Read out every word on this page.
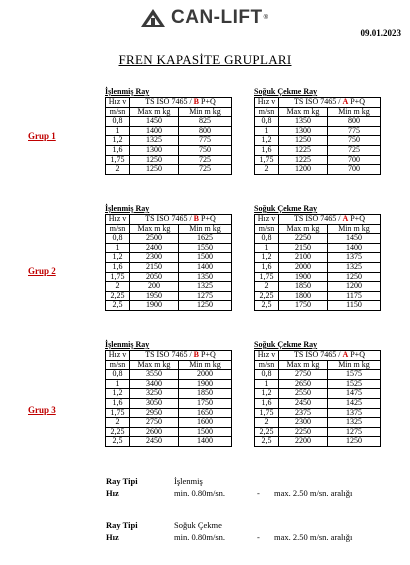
CAN-LIFT ®
09.01.2023
FREN KAPASİTE GRUPLARI
Grup 1
İşlenmiş Ray
Hız v	TS ISO 7465 / B P+Q	
m/sn	Max m kg	Min m kg
0,8	1450	825
1	1400	800
1,2	1325	775
1,6	1300	750
1,75	1250	725
2	1250	725
Soğuk Çekme Ray
Hız v	TS ISO 7465 / A P+Q	
m/sn	Max m kg	Min m kg
0,8	1350	800
1	1300	775
1,2	1250	750
1,6	1225	725
1,75	1225	700
2	1200	700
Grup 2
İşlenmiş Ray
Hız v	TS ISO 7465 / B P+Q	
m/sn	Max m kg	Min m kg
0,8	2500	1625
1	2400	1550
1,2	2300	1500
1,6	2150	1400
1,75	2050	1350
2	200	1325
2,25	1950	1275
2,5	1900	1250
Soğuk Çekme Ray
Hız v	TS ISO 7465 / A P+Q	
m/sn	Max m kg	Min m kg
0,8	2250	1450
1	2150	1400
1,2	2100	1375
1,6	2000	1325
1,75	1900	1250
2	1850	1200
2,25	1800	1175
2,5	1750	1150
Grup 3
İşlenmiş Ray
Hız v	TS ISO 7465 / B P+Q	
m/sn	Max m kg	Min m kg
0,8	3550	2000
1	3400	1900
1,2	3250	1850
1,6	3050	1750
1,75	2950	1650
2	2750	1600
2,25	2600	1500
2,5	2450	1400
Soğuk Çekme Ray
Hız v	TS ISO 7465 / A P+Q	
m/sn	Max m kg	Min m kg
0,8	2750	1575
1	2650	1525
1,2	2550	1475
1,6	2450	1425
1,75	2375	1375
2	2300	1325
2,25	2250	1275
2,5	2200	1250
Ray Tipi	İşlenmiş
Hız	min. 0.80m/sn.	- max. 2.50 m/sn. aralığı
Ray Tipi	Soğuk Çekme
Hız	min. 0.80m/sn.	- max. 2.50 m/sn. aralığı
